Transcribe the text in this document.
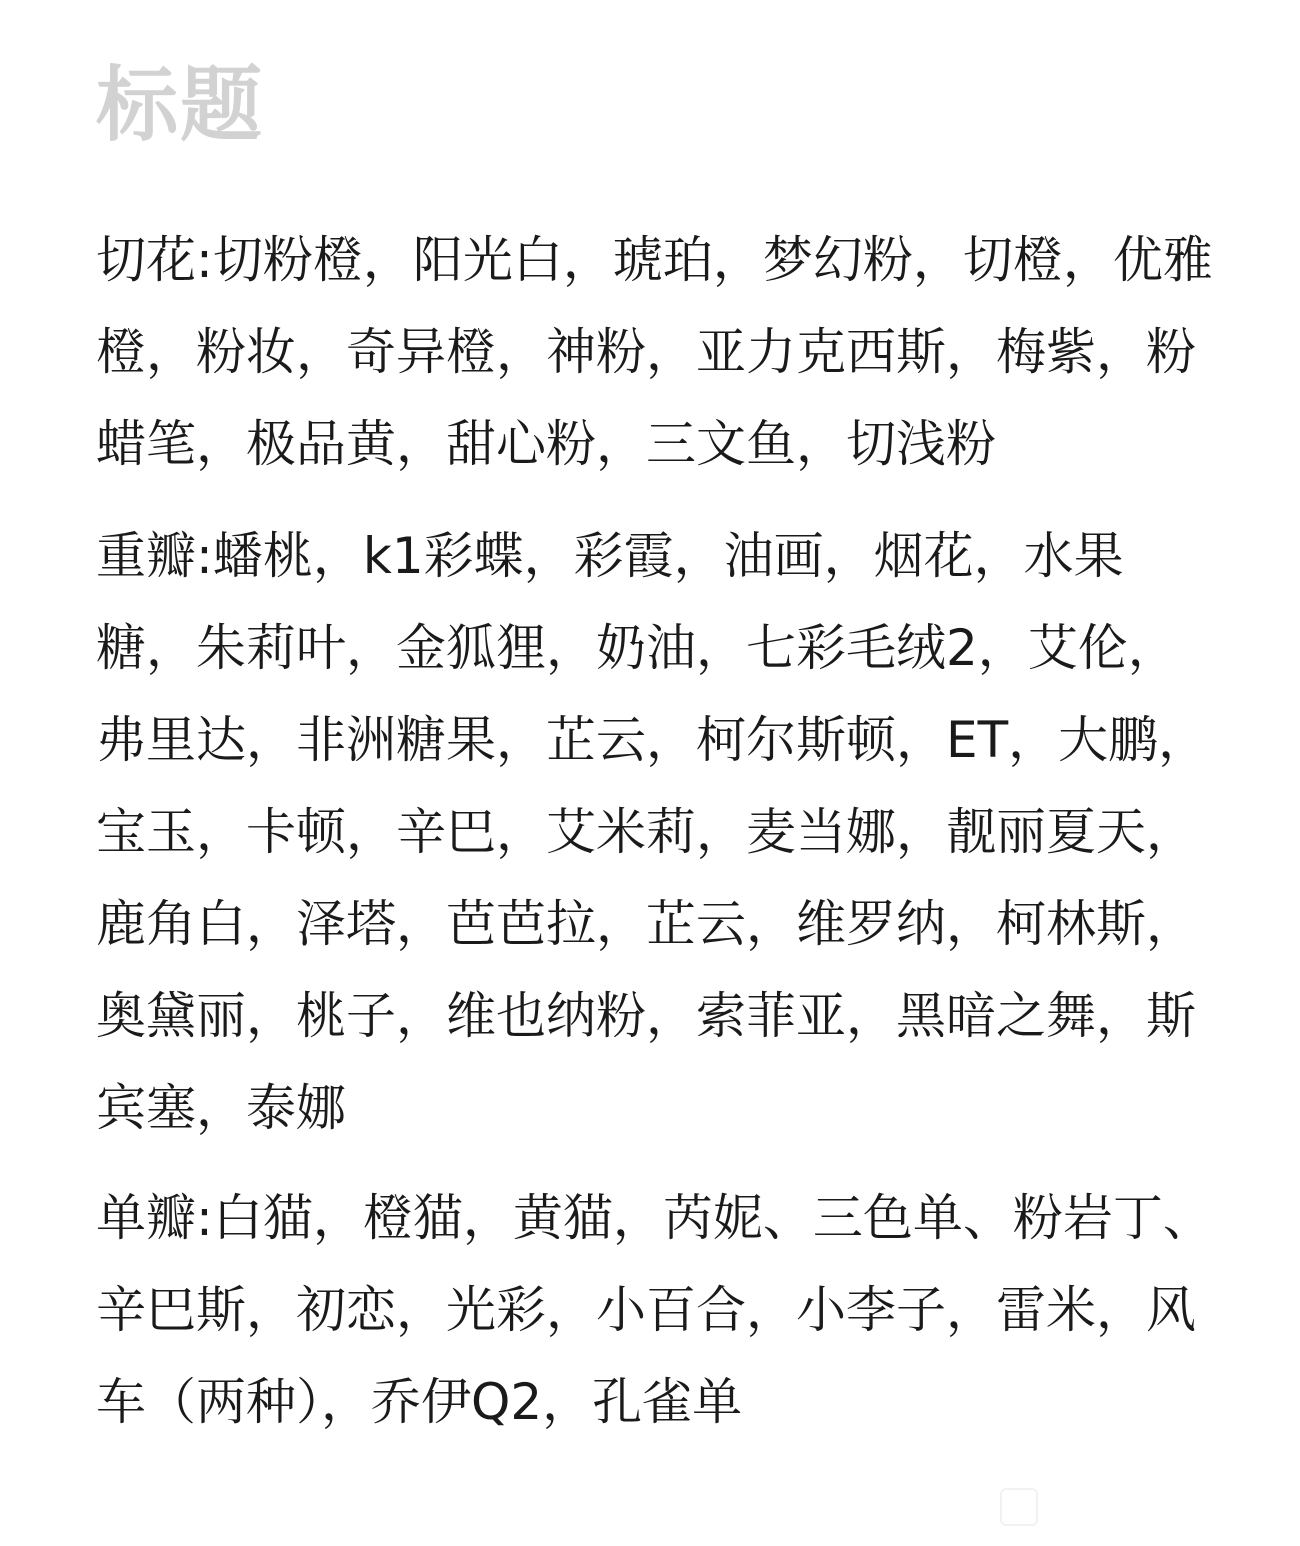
标题
切花:切粉橙，阳光白，琥珀，梦幻粉，切橙，优雅橙，粉妆，奇异橙，神粉，亚力克西斯，梅紫，粉蜡笔，极品黄，甜心粉，三文鱼，切浅粉
重瓣:蟠桃，k1彩蝶，彩霞，油画，烟花，水果糖，朱莉叶，金狐狸，奶油，七彩毛绒2，艾伦，弗里达，非洲糖果，芷云，柯尔斯顿，ET，大鹏，宝玉，卡顿，辛巴，艾米莉，麦当娜，靓丽夏天，鹿角白，泽塔，芭芭拉，芷云，维罗纳，柯林斯，奥黛丽，桃子，维也纳粉，索菲亚，黑暗之舞，斯宾塞，泰娜
单瓣:白猫，橙猫，黄猫，芮妮、三色单、粉岩丁、辛巴斯，初恋，光彩，小百合，小李子，雷米，风车（两种），乔伊Q2，孔雀单
